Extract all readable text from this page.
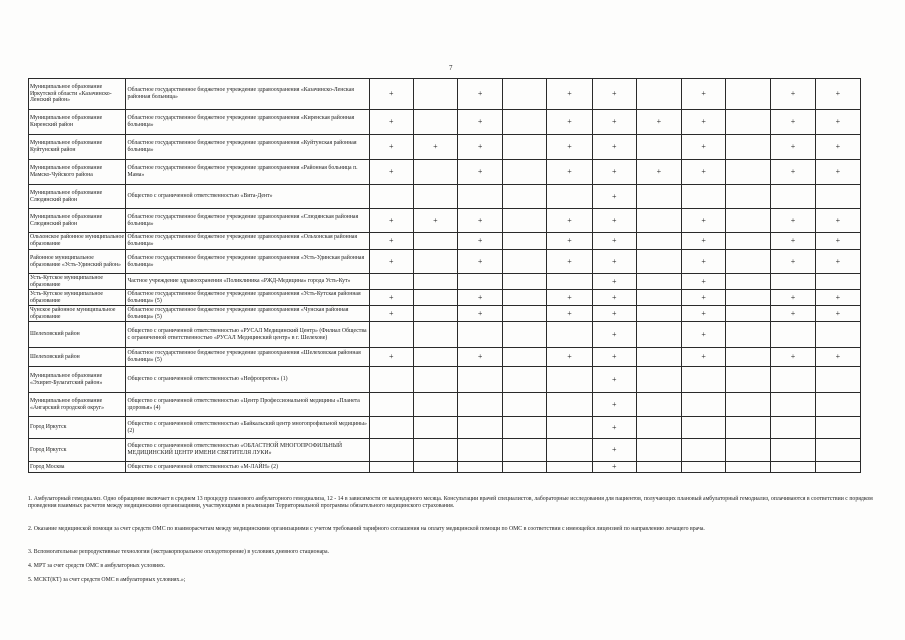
7
Муниципальное образование Иркутской области «Казачинско-Ленский район»	Областное государственное бюджетное учреждение здравоохранения «Казачинско-Ленская районная больница»	+		+		+	+		+		+	+
Муниципальное образование Киренский район	Областное государственное бюджетное учреждение здравоохранения «Киренская районная больница»	+		+		+	+	+	+		+	+
Муниципальное образование Куйтунский район	Областное государственное бюджетное учреждение здравоохранения «Куйтунская районная больница»	+	+	+		+	+		+		+	+
Муниципальное образование Мамско-Чуйского района	Областное государственное бюджетное учреждение здравоохранения «Районная больница п. Мама»	+		+		+	+	+	+		+	+
Муниципальное образование Слюдянский район	Общество с ограниченной ответственностью «Вита-Дент»						+					
Муниципальное образование Слюдянский район	Областное государственное бюджетное учреждение здравоохранения «Слюдянская районная больница»	+	+	+		+	+		+		+	+
Ольхонское районное муниципальное образование	Областное государственное бюджетное учреждение здравоохранения «Ольхонская районная больница»	+		+		+	+		+		+	+
Районное муниципальное образование «Усть-Удинский район»	Областное государственное бюджетное учреждение здравоохранения «Усть-Удинская районная больница»	+		+		+	+		+		+	+
Усть-Кутское муниципальное образование	Частное учреждение здравоохранения «Поликлиника «РЖД-Медицина» города Усть-Кут»						+		+			
Усть-Кутское муниципальное образование	Областное государственное бюджетное учреждение здравоохранения «Усть-Кутская районная больница» (5)	+		+		+	+		+		+	+
Чунское районное муниципальное образование	Областное государственное бюджетное учреждение здравоохранения «Чунская районная больница» (5)	+		+		+	+		+		+	+
Шелеховский район	Общество с ограниченной ответственностью «РУСАЛ Медицинский Центр» (Филиал Общества с ограниченной ответственностью «РУСАЛ Медицинский центр» в г. Шелехове)						+		+			
Шелеховский район	Областное государственное бюджетное учреждение здравоохранения «Шелеховская районная больница» (5)	+		+		+	+		+		+	+
Муниципальное образование «Эхирит-Булагатский район»	Общество с ограниченной ответственностью «Нефропротек» (1)						+					
Муниципальное образование «Ангарский городской округ»	Общество с ограниченной ответственностью «Центр Профессиональной медицины «Планета здоровья» (4)						+					
Город Иркутск	Общество с ограниченной ответственностью «Байкальский центр многопрофильной медицины» (2)						+					
Город Иркутск	Общество с ограниченной ответственностью «ОБЛАСТНОЙ МНОГОПРОФИЛЬНЫЙ МЕДИЦИНСКИЙ ЦЕНТР ИМЕНИ СВЯТИТЕЛЯ ЛУКИ»						+					
Город Москва	Общество с ограниченной ответственностью «М-ЛАЙН» (2)						+					

1. Амбулаторный гемодиализ. Одно обращение включает в среднем 13 процедур планового амбулаторного гемодиализа, 12 - 14 в зависимости от календарного месяца. Консультации врачей специалистов, лабораторные исследования для пациентов, получающих плановый амбулаторный гемодиализ, оплачиваются в соответствии с порядком проведения взаимных расчетов между медицинскими организациями, участвующими в реализации Территориальной программы обязательного медицинского страхования.

2. Оказание медицинской помощи за счет средств ОМС по взаиморасчетам между медицинскими организациями с учетом требований тарифного соглашения на оплату медицинской помощи по ОМС в соответствии с имеющейся лицензией по направлению лечащего врача.

3. Вспомогательные репродуктивные технологии (экстракорпоральное оплодотворение) в условиях дневного стационара.

4. МРТ за счет средств ОМС в амбулаторных условиях.

5. МСКТ(КТ) за счет средств ОМС в амбулаторных условиях.»;
